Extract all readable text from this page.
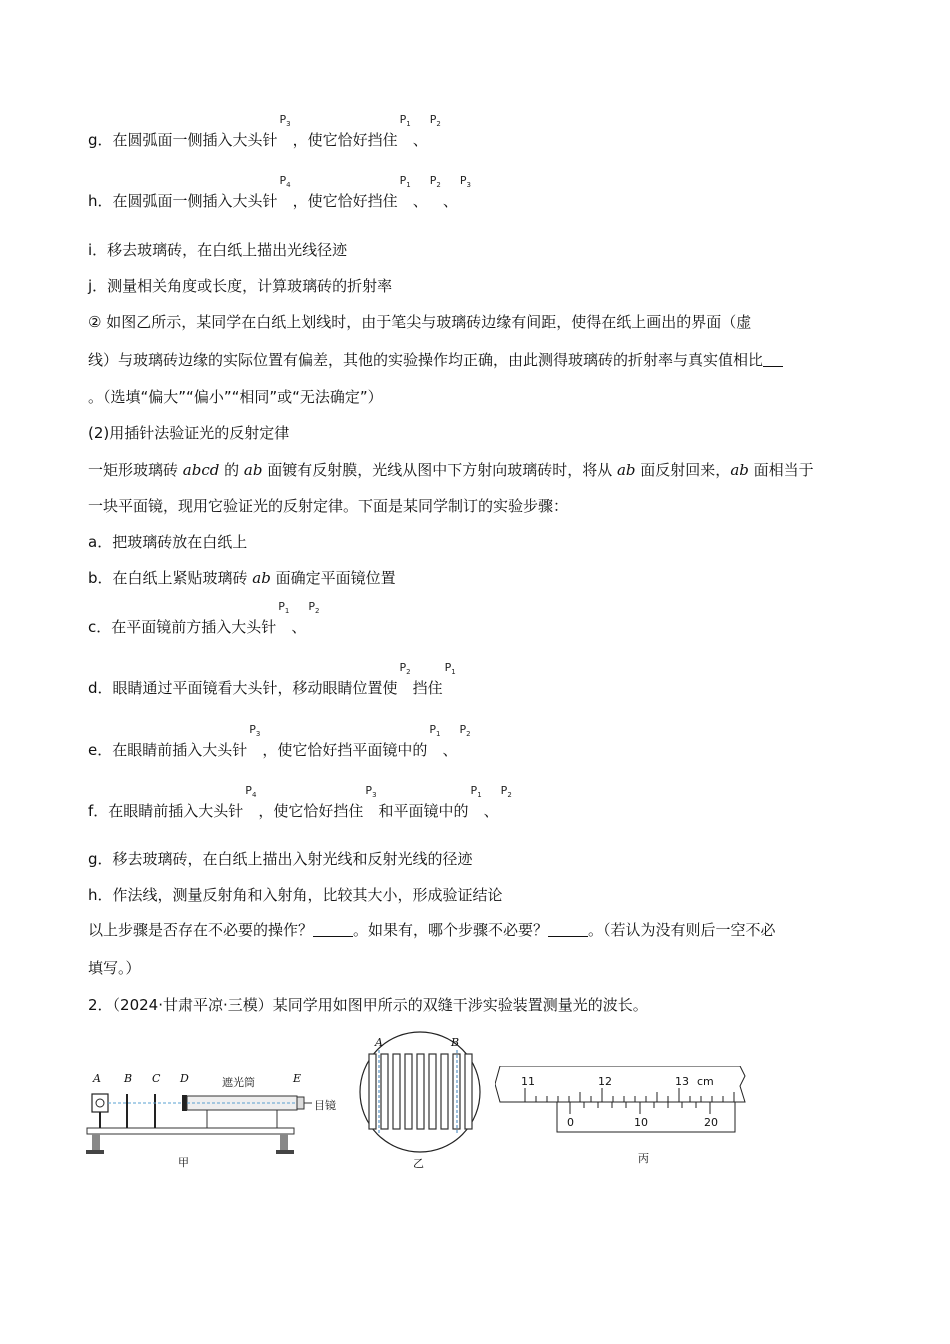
g．在圆弧面一侧插入大头针$P_3$，使它恰好挡住$P_1$、$P_2$
h．在圆弧面一侧插入大头针$P_4$，使它恰好挡住$P_1$、$P_2$、$P_3$
i．移去玻璃砖，在白纸上描出光线径迹
j．测量相关角度或长度，计算玻璃砖的折射率
② 如图乙所示，某同学在白纸上划线时，由于笔尖与玻璃砖边缘有间距，使得在纸上画出的界面（虚
线）与玻璃砖边缘的实际位置有偏差，其他的实验操作均正确，由此测得玻璃砖的折射率与真实值相比
。（选填“偏大”“偏小”“相同”或“无法确定”）
(2)用插针法验证光的反射定律
一矩形玻璃砖 abcd 的 ab 面镀有反射膜，光线从图中下方射向玻璃砖时，将从 ab 面反射回来，ab 面相当于
一块平面镜，现用它验证光的反射定律。下面是某同学制订的实验步骤：
a．把玻璃砖放在白纸上
b．在白纸上紧贴玻璃砖 ab 面确定平面镜位置
c．在平面镜前方插入大头针$P_1$、$P_2$
d．眼睛通过平面镜看大头针，移动眼睛位置使$P_2$挡住$P_1$
e．在眼睛前插入大头针$P_3$，使它恰好挡平面镜中的$P_1$、$P_2$
f．在眼睛前插入大头针$P_4$，使它恰好挡住$P_3$和平面镜中的$P_1$、$P_2$
g．移去玻璃砖，在白纸上描出入射光线和反射光线的径迹
h．作法线，测量反射角和入射角，比较其大小，形成验证结论
以上步骤是否存在不必要的操作？	。如果有，哪个步骤不必要？	。（若认为没有则后一空不必
填写。）
2．（2024·甘肃平凉·三模）某同学用如图甲所示的双缝干涉实验装置测量光的波长。
A B C D	遮光筒	E
目镜
甲
A	B
乙
11	12	13 cm
0	10	20
丙
